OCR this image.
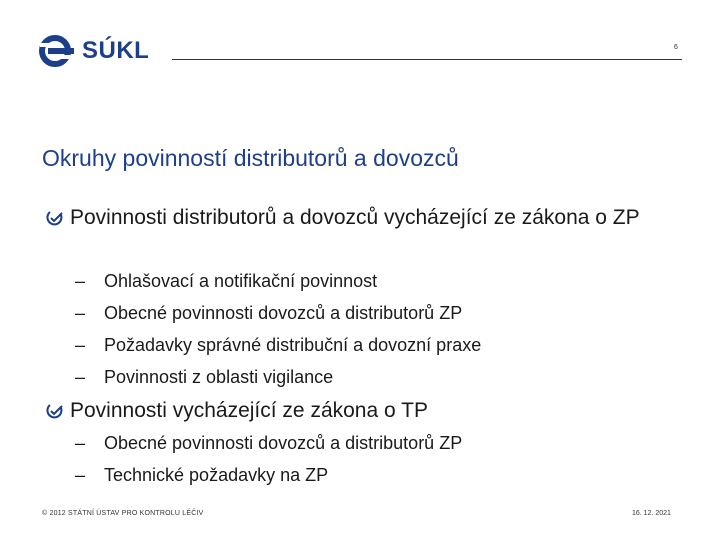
SÚKL	6
Okruhy povinností distributorů a dovozců
Povinnosti distributorů a dovozců vycházející ze zákona o ZP
– Ohlašovací a notifikační povinnost
– Obecné povinnosti dovozců a distributorů ZP
– Požadavky správné distribuční a dovozní praxe
– Povinnosti z oblasti vigilance
Povinnosti vycházející ze zákona o TP
– Obecné povinnosti dovozců a distributorů ZP
– Technické požadavky na ZP
© 2012 STÁTNÍ ÚSTAV PRO KONTROLU LÉČIV	16. 12. 2021
